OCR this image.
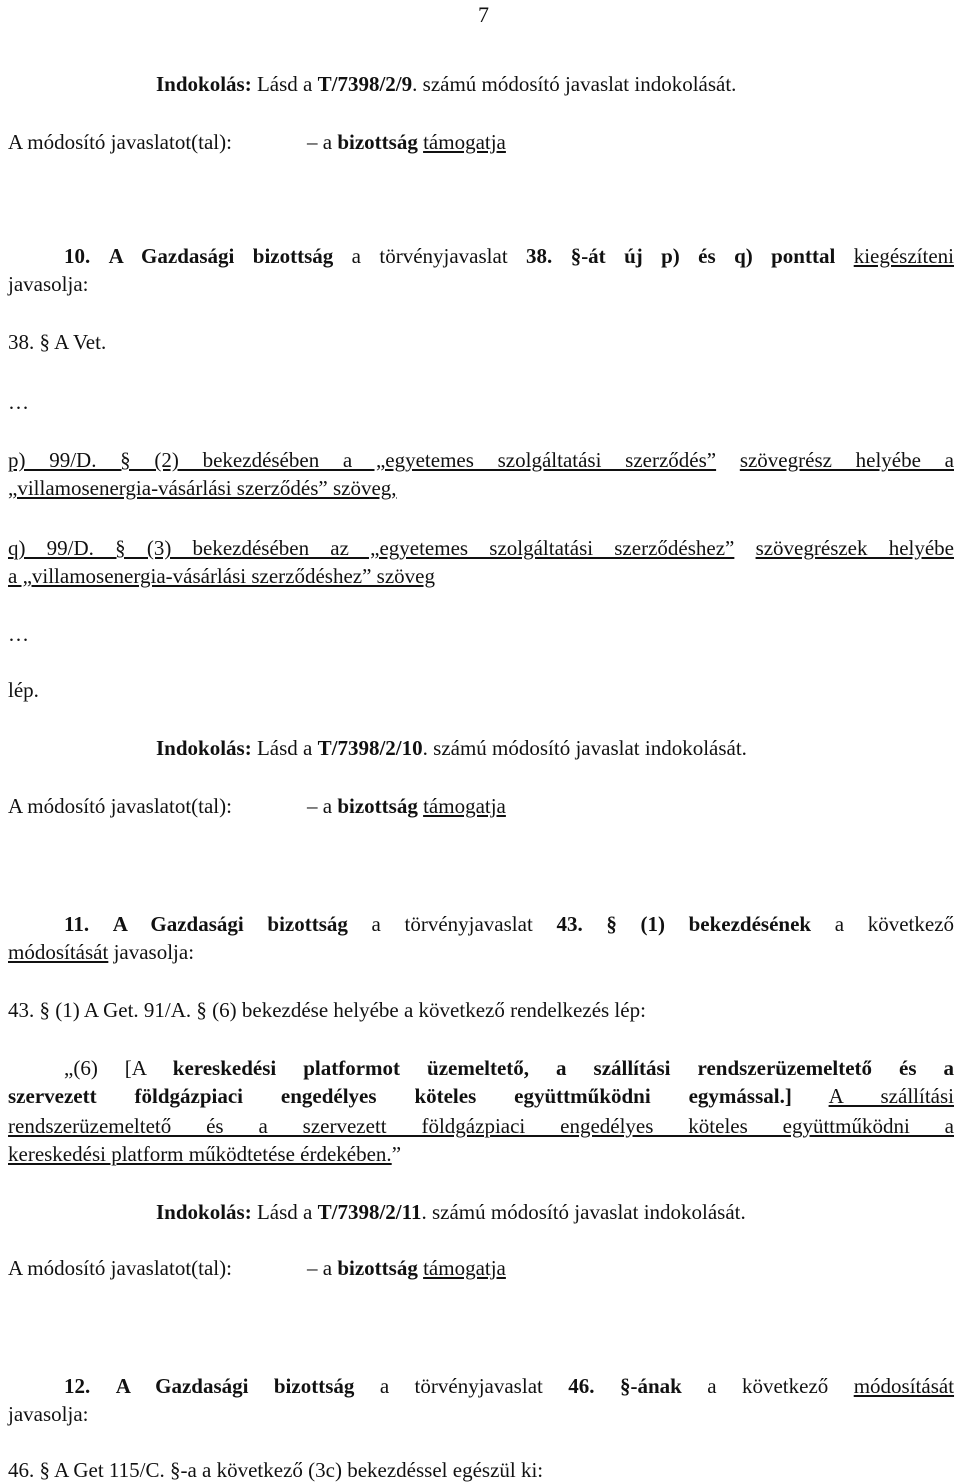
7
Indokolás: Lásd a T/7398/2/9. számú módosító javaslat indokolását.
A módosító javaslatot(tal):	– a bizottság támogatja
10. A Gazdasági bizottság a törvényjavaslat 38. §-át új p) és q) ponttal kiegészíteni
javasolja:
38. § A Vet.
…
p) 99/D. § (2) bekezdésében a „egyetemes szolgáltatási szerződés” szövegrész helyébe a
„villamosenergia-vásárlási szerződés” szöveg,
q) 99/D. § (3) bekezdésében az „egyetemes szolgáltatási szerződéshez” szövegrészek helyébe
a „villamosenergia-vásárlási szerződéshez” szöveg
…
lép.
Indokolás: Lásd a T/7398/2/10. számú módosító javaslat indokolását.
A módosító javaslatot(tal):	– a bizottság támogatja
11. A Gazdasági bizottság a törvényjavaslat 43. § (1) bekezdésének a következő
módosítását javasolja:
43. § (1) A Get. 91/A. § (6) bekezdése helyébe a következő rendelkezés lép:
„(6) [A kereskedési platformot üzemeltető, a szállítási rendszerüzemeltető és a
szervezett földgázpiaci engedélyes köteles együttműködni egymással.] A szállítási
rendszerüzemeltető és a szervezett földgázpiaci engedélyes köteles együttműködni a
kereskedési platform működtetése érdekében.”
Indokolás: Lásd a T/7398/2/11. számú módosító javaslat indokolását.
A módosító javaslatot(tal):	– a bizottság támogatja
12. A Gazdasági bizottság a törvényjavaslat 46. §-ának a következő módosítását
javasolja:
46. § A Get 115/C. §-a a következő (3c) bekezdéssel egészül ki:
